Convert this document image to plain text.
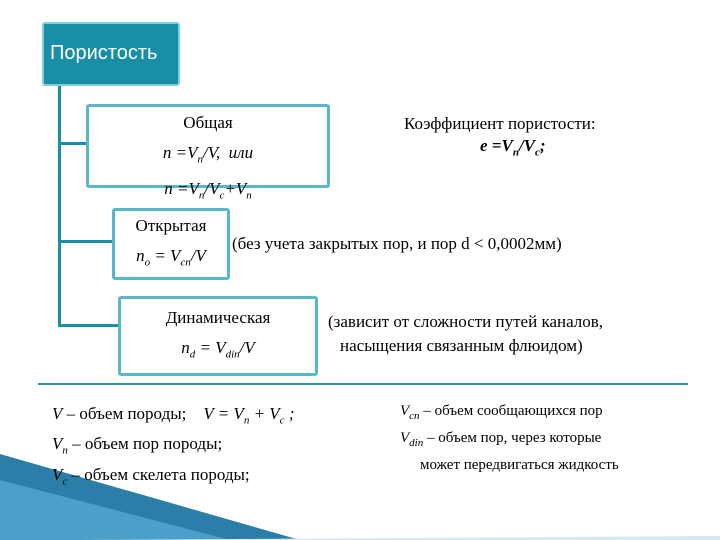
Пористость
Общая
$n =V_п/V$,  или
$n =V_п/V_с+V_п$
Коэффициент пористости:
$е =V_п/V_с$;
Открытая
$n_о = V_{сп}/V$
(без учета закрытых пор, и пор d < 0,0002мм)
Динамическая
$n_d = V_{din}/V$
(зависит от сложности путей каналов,
насыщения связанным флюидом)
V – объем породы;    $V = V_п + V_с$ ;
$V_п$ – объем пор породы;
$V_с$ – объем скелета породы;
$V_{сп}$ – объем сообщающихся пор
$V_{din}$ – объем пор, через которые
может передвигаться жидкость
